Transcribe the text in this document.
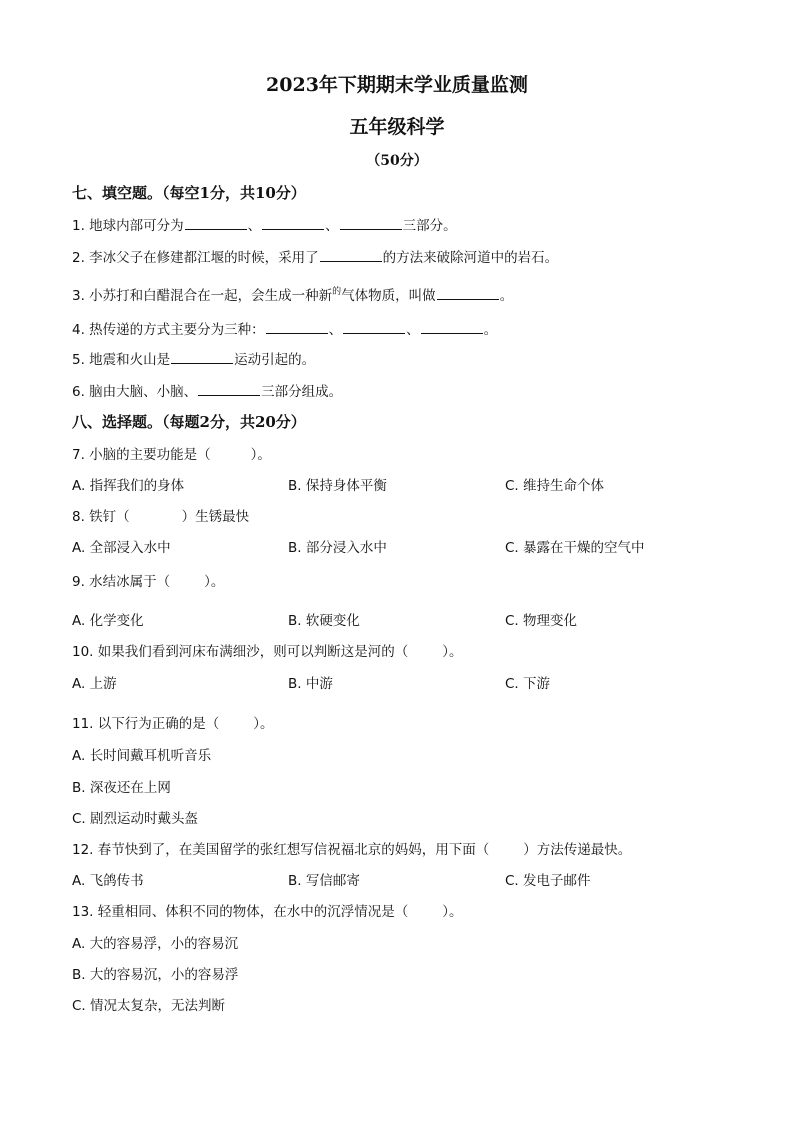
2023年下期期末学业质量监测
五年级科学
（50分）
七、填空题。（每空1分，共10分）
1. 地球内部可分为	、	、	三部分。
2. 李冰父子在修建都江堰的时候，采用了	的方法来破除河道中的岩石。
3. 小苏打和白醋混合在一起，会生成一种新$^的$气体物质，叫做	。
4. 热传递的方式主要分为三种：	、	、	。
5. 地震和火山是	运动引起的。
6. 脑由大脑、小脑、	三部分组成。
八、选择题。（每题2分，共20分）
7. 小脑的主要功能是（	）。
A. 指挥我们的身体	B. 保持身体平衡	C. 维持生命个体
8. 铁钉（	）生锈最快
A. 全部浸入水中	B. 部分浸入水中	C. 暴露在干燥的空气中
9. 水结冰属于（	）。
A. 化学变化	B. 软硬变化	C. 物理变化
10. 如果我们看到河床布满细沙，则可以判断这是河的（	）。
A. 上游	B. 中游	C. 下游
11. 以下行为正确的是（	）。
A. 长时间戴耳机听音乐
B. 深夜还在上网
C. 剧烈运动时戴头盔
12. 春节快到了，在美国留学的张红想写信祝福北京的妈妈，用下面（	）方法传递最快。
A. 飞鸽传书	B. 写信邮寄	C. 发电子邮件
13. 轻重相同、体积不同的物体，在水中的沉浮情况是（	）。
A. 大的容易浮，小的容易沉
B. 大的容易沉，小的容易浮
C. 情况太复杂，无法判断
